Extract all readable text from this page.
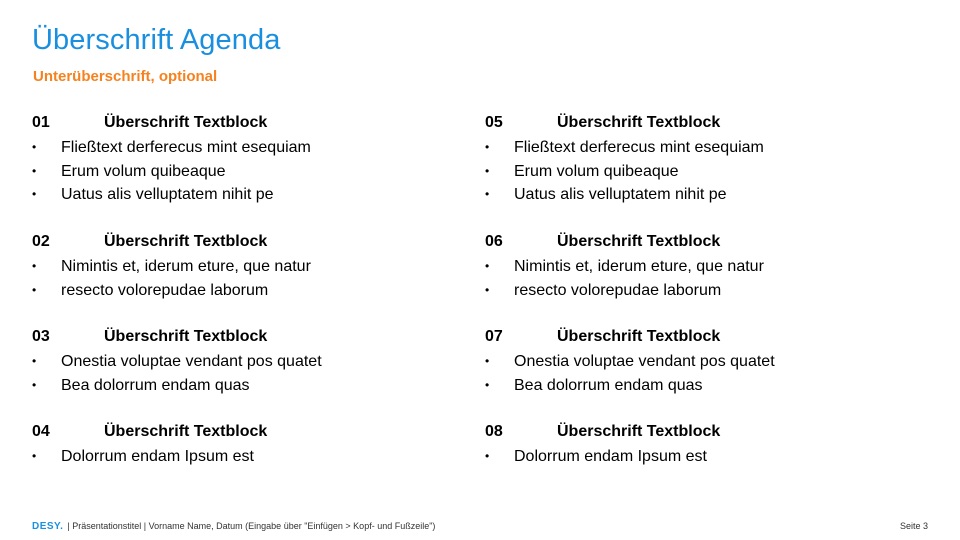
Überschrift Agenda
Unterüberschrift, optional
01	Überschrift Textblock
•	Fließtext derferecus mint esequiam
•	Erum volum quibeaque
•	Uatus alis velluptatem nihit pe
02	Überschrift Textblock
•	Nimintis et, iderum eture, que natur
•	resecto volorepudae laborum
03	Überschrift Textblock
•	Onestia voluptae vendant pos quatet
•	Bea dolorrum endam quas
04	Überschrift Textblock
•	Dolorrum endam Ipsum est
05	Überschrift Textblock
•	Fließtext derferecus mint esequiam
•	Erum volum quibeaque
•	Uatus alis velluptatem nihit pe
06	Überschrift Textblock
•	Nimintis et, iderum eture, que natur
•	resecto volorepudae laborum
07	Überschrift Textblock
•	Onestia voluptae vendant pos quatet
•	Bea dolorrum endam quas
08	Überschrift Textblock
•	Dolorrum endam Ipsum est
DESY. | Präsentationstitel | Vorname Name, Datum (Eingabe über "Einfügen > Kopf- und Fußzeile")	Seite 3
